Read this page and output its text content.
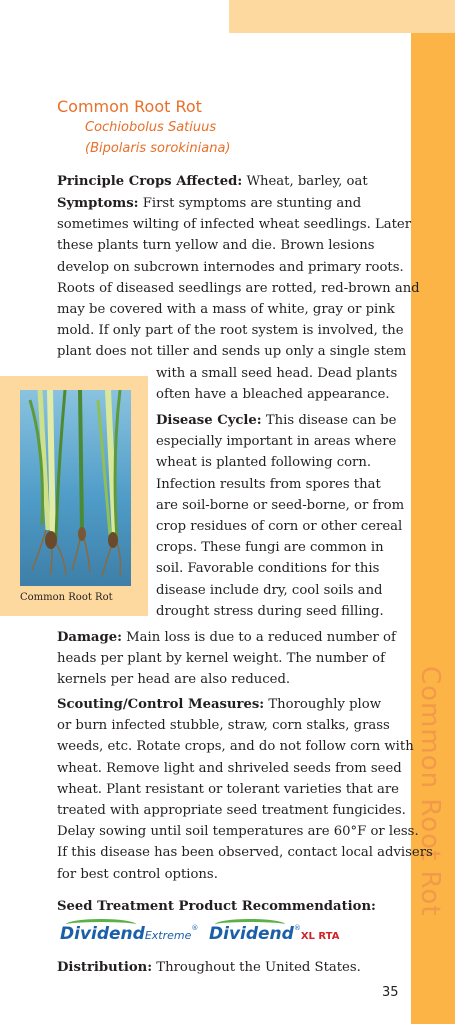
Common Root Rot
Common Root Rot
Cochiobolus Satiuus
(Bipolaris sorokiniana)

Principle Crops Affected: Wheat, barley, oat

Symptoms: First symptoms are stunting and
sometimes wilting of infected wheat seedlings. Later
these plants turn yellow and die. Brown lesions
develop on subcrown internodes and primary roots.
Roots of diseased seedlings are rotted, red-brown and
may be covered with a mass of white, gray or pink
mold. If only part of the root system is involved, the
plant does not tiller and sends up only a single stem

with a small seed head. Dead plants
often have a bleached appearance.

Common Root Rot

Disease Cycle: This disease can be
especially important in areas where
wheat is planted following corn.
Infection results from spores that
are soil-borne or seed-borne, or from
crop residues of corn or other cereal
crops. These fungi are common in
soil. Favorable conditions for this
disease include dry, cool soils and
drought stress during seed filling.

Damage: Main loss is due to a reduced number of
heads per plant by kernel weight. The number of
kernels per head are also reduced.

Scouting/Control Measures: Thoroughly plow
or burn infected stubble, straw, corn stalks, grass
weeds, etc. Rotate crops, and do not follow corn with
wheat. Remove light and shriveled seeds from seed
wheat. Plant resistant or tolerant varieties that are
treated with appropriate seed treatment fungicides.
Delay sowing until soil temperatures are 60°F or less.
If this disease has been observed, contact local advisers
for best control options.

Seed Treatment Product Recommendation:

DividendExtreme® Dividend®XL RTA

Distribution: Throughout the United States.

35
